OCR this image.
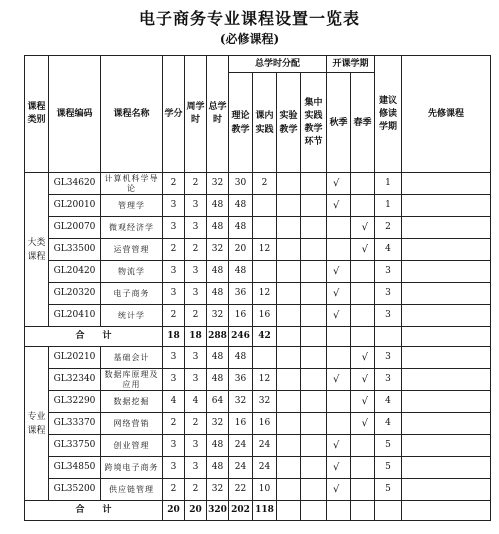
电子商务专业课程设置一览表
(必修课程)
课程类别	课程编码	课程名称	学分	周学时	总学时	总学时分配				开课学期		建议修读学期	先修课程
						理论教学	课内实践	实验教学	集中实践教学环节	秋季	春季		
大类课程	GL34620	计算机科学导论	2	2	32	30	2			√		1	
	GL20010	管理学	3	3	48	48				√		1	
	GL20070	微观经济学	3	3	48	48					√	2	
	GL33500	运营管理	2	2	32	20	12				√	4	
	GL20420	物流学	3	3	48	48				√		3	
	GL20320	电子商务	3	3	48	36	12			√		3	
	GL20410	统计学	2	2	32	16	16			√		3	
合　　计			18	18	288	246	42						
专业课程	GL20210	基础会计	3	3	48	48					√	3	
	GL32340	数据库原理及应用	3	3	48	36	12			√	√	3	
	GL32290	数据挖掘	4	4	64	32	32				√	4	
	GL33370	网络营销	2	2	32	16	16				√	4	
	GL33750	创业管理	3	3	48	24	24			√		5	
	GL34850	跨境电子商务	3	3	48	24	24			√		5	
	GL35200	供应链管理	2	2	32	22	10			√		5	
合　　计			20	20	320	202	118						
